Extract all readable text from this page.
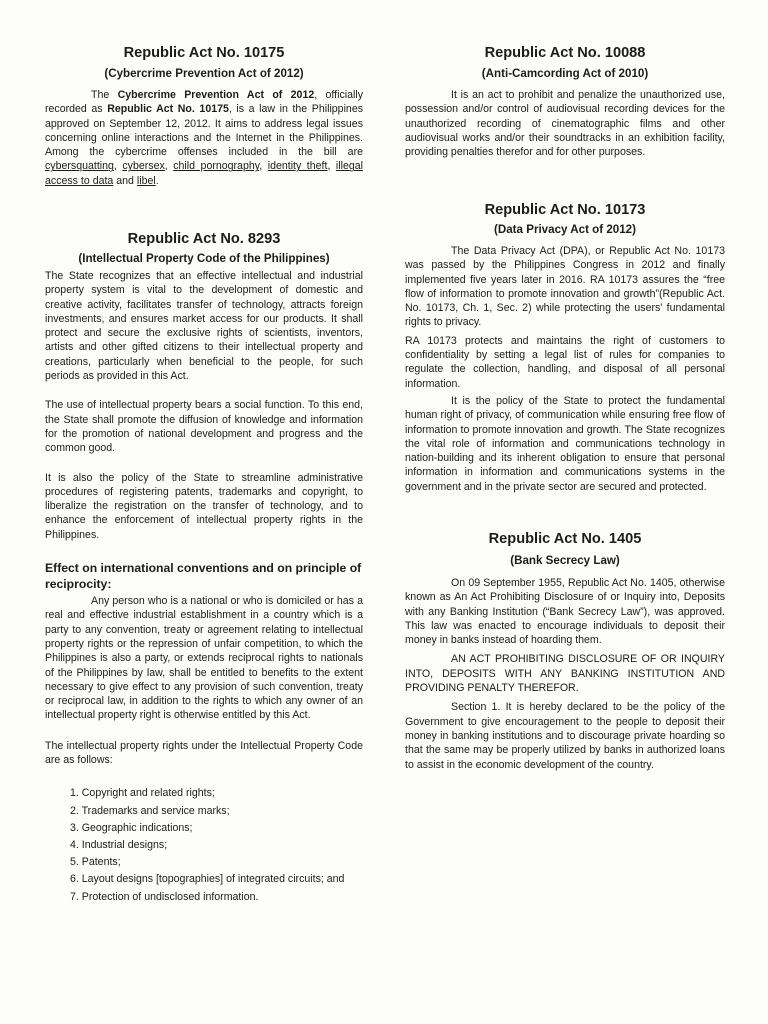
Republic Act No. 10175
(Cybercrime Prevention Act of 2012)

The Cybercrime Prevention Act of 2012, officially recorded as Republic Act No. 10175, is a law in the Philippines approved on September 12, 2012. It aims to address legal issues concerning online interactions and the Internet in the Philippines. Among the cybercrime offenses included in the bill are cybersquatting, cybersex, child pornography, identity theft, illegal access to data and libel.

Republic Act No. 8293
(Intellectual Property Code of the Philippines)

The State recognizes that an effective intellectual and industrial property system is vital to the development of domestic and creative activity, facilitates transfer of technology, attracts foreign investments, and ensures market access for our products. It shall protect and secure the exclusive rights of scientists, inventors, artists and other gifted citizens to their intellectual property and creations, particularly when beneficial to the people, for such periods as provided in this Act.

The use of intellectual property bears a social function. To this end, the State shall promote the diffusion of knowledge and information for the promotion of national development and progress and the common good.

It is also the policy of the State to streamline administrative procedures of registering patents, trademarks and copyright, to liberalize the registration on the transfer of technology, and to enhance the enforcement of intellectual property rights in the Philippines.

Effect on international conventions and on principle of reciprocity:

Any person who is a national or who is domiciled or has a real and effective industrial establishment in a country which is a party to any convention, treaty or agreement relating to intellectual property rights or the repression of unfair competition, to which the Philippines is also a party, or extends reciprocal rights to nationals of the Philippines by law, shall be entitled to benefits to the extent necessary to give effect to any provision of such convention, treaty or reciprocal law, in addition to the rights to which any owner of an intellectual property right is otherwise entitled by this Act.

The intellectual property rights under the Intellectual Property Code are as follows:

1. Copyright and related rights;
2. Trademarks and service marks;
3. Geographic indications;
4. Industrial designs;
5. Patents;
6. Layout designs [topographies] of integrated circuits; and
7. Protection of undisclosed information.
Republic Act No. 10088
(Anti-Camcording Act of 2010)

It is an act to prohibit and penalize the unauthorized use, possession and/or control of audiovisual recording devices for the unauthorized recording of cinematographic films and other audiovisual works and/or their soundtracks in an exhibition facility, providing penalties therefor and for other purposes.

Republic Act No. 10173
(Data Privacy Act of 2012)

The Data Privacy Act (DPA), or Republic Act No. 10173 was passed by the Philippines Congress in 2012 and finally implemented five years later in 2016. RA 10173 assures the “free flow of information to promote innovation and growth”(Republic Act. No. 10173, Ch. 1, Sec. 2) while protecting the users' fundamental rights to privacy.

RA 10173 protects and maintains the right of customers to confidentiality by setting a legal list of rules for companies to regulate the collection, handling, and disposal of all personal information.

It is the policy of the State to protect the fundamental human right of privacy, of communication while ensuring free flow of information to promote innovation and growth. The State recognizes the vital role of information and communications technology in nation-building and its inherent obligation to ensure that personal information in information and communications systems in the government and in the private sector are secured and protected.

Republic Act No. 1405
(Bank Secrecy Law)

On 09 September 1955, Republic Act No. 1405, otherwise known as An Act Prohibiting Disclosure of or Inquiry into, Deposits with any Banking Institution (“Bank Secrecy Law”), was approved. This law was enacted to encourage individuals to deposit their money in banks instead of hoarding them.

AN ACT PROHIBITING DISCLOSURE OF OR INQUIRY INTO, DEPOSITS WITH ANY BANKING INSTITUTION AND PROVIDING PENALTY THEREFOR.

Section 1. It is hereby declared to be the policy of the Government to give encouragement to the people to deposit their money in banking institutions and to discourage private hoarding so that the same may be properly utilized by banks in authorized loans to assist in the economic development of the country.
